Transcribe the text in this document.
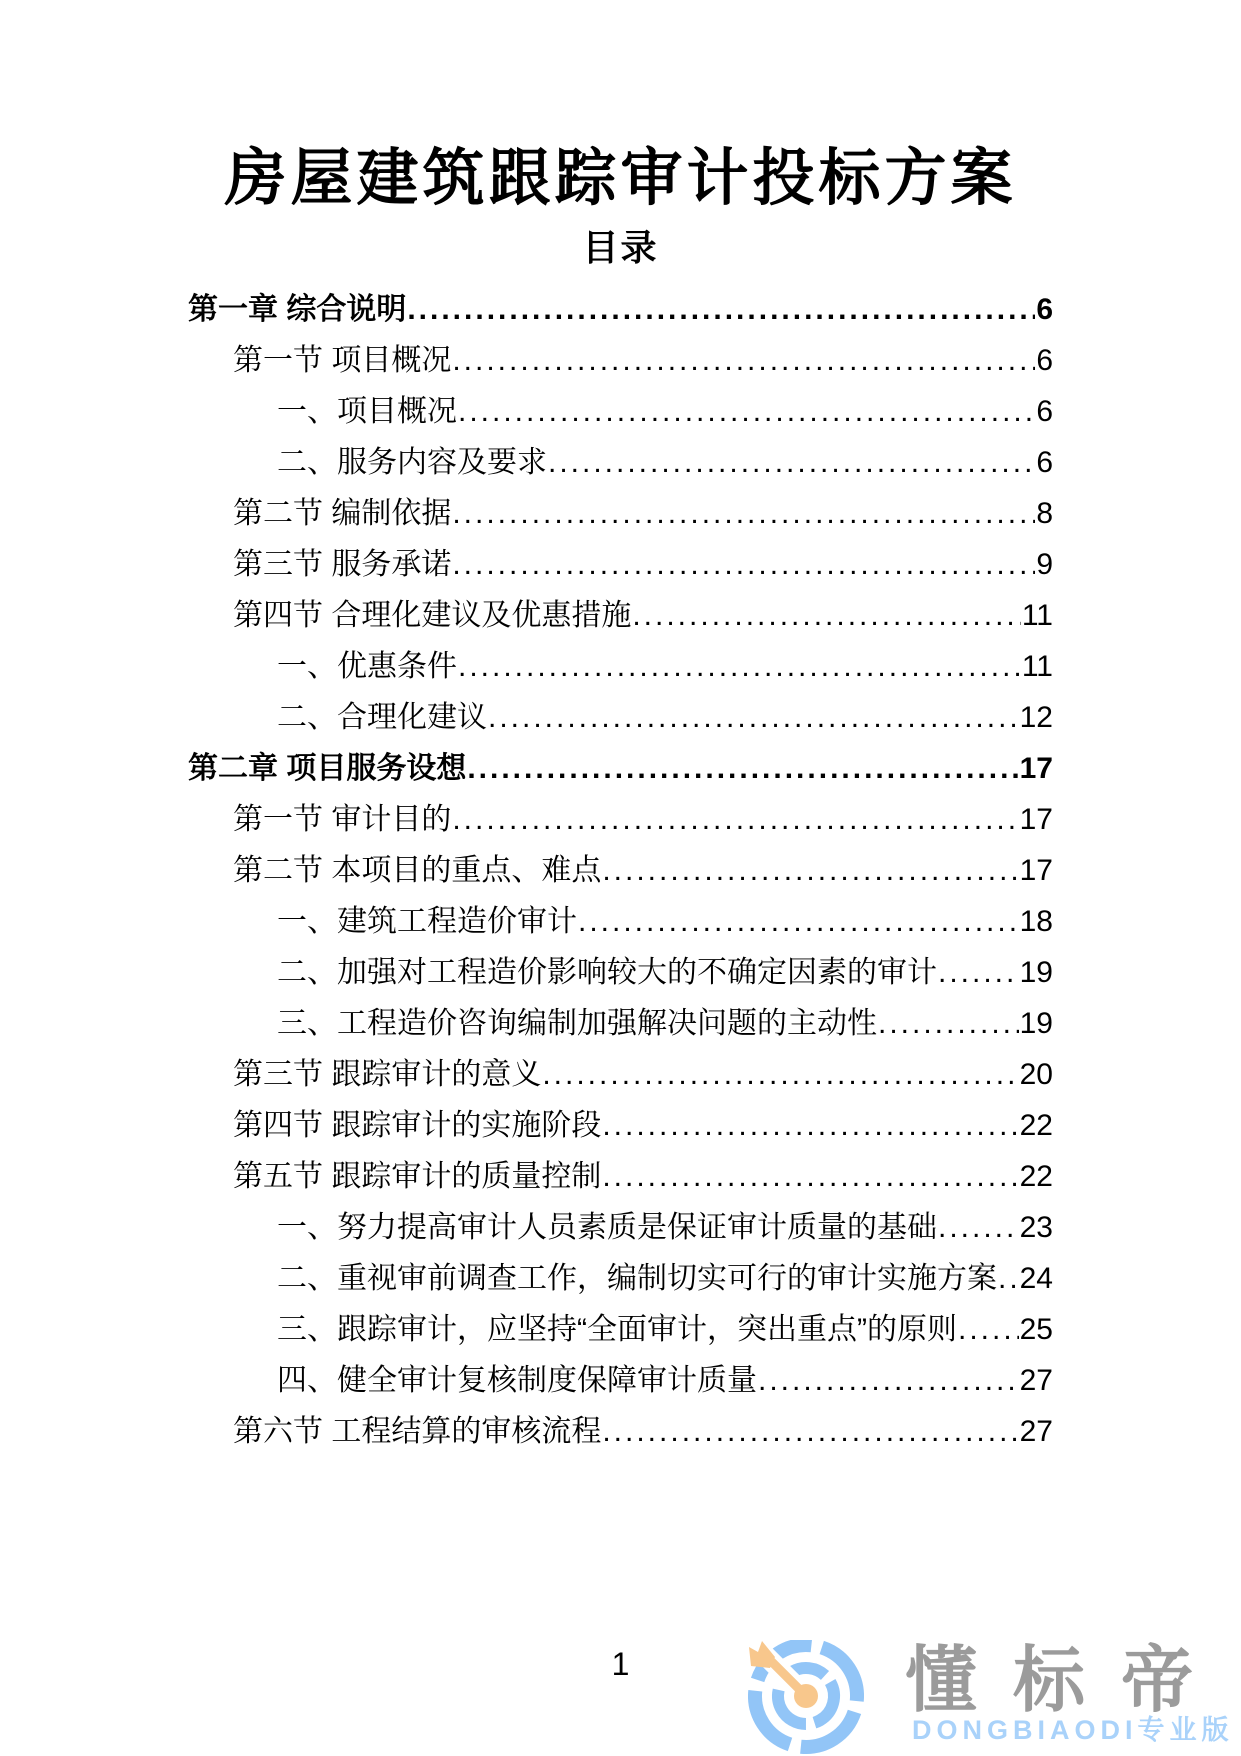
房屋建筑跟踪审计投标方案
目录
第一章 综合说明 .....	6
第一节 项目概况 .....	6
一、项目概况 .....	6
二、服务内容及要求 .....	6
第二节 编制依据 .....	8
第三节 服务承诺 .....	9
第四节 合理化建议及优惠措施 .....	11
一、优惠条件 .....	11
二、合理化建议 .....	12
第二章 项目服务设想 .....	17
第一节 审计目的 .....	17
第二节 本项目的重点、难点 .....	17
一、建筑工程造价审计 .....	18
二、加强对工程造价影响较大的不确定因素的审计 .....	19
三、工程造价咨询编制加强解决问题的主动性 .....	19
第三节 跟踪审计的意义 .....	20
第四节 跟踪审计的实施阶段 .....	22
第五节 跟踪审计的质量控制 .....	22
一、努力提高审计人员素质是保证审计质量的基础 .....	23
二、重视审前调查工作，编制切实可行的审计实施方案 ..... 24
三、跟踪审计，应坚持“全面审计，突出重点”的原则 ..... 25
四、健全审计复核制度保障审计质量 .....	27
第六节 工程结算的审核流程 .....	27
1	懂标帝
DONGBIAODI专业版
